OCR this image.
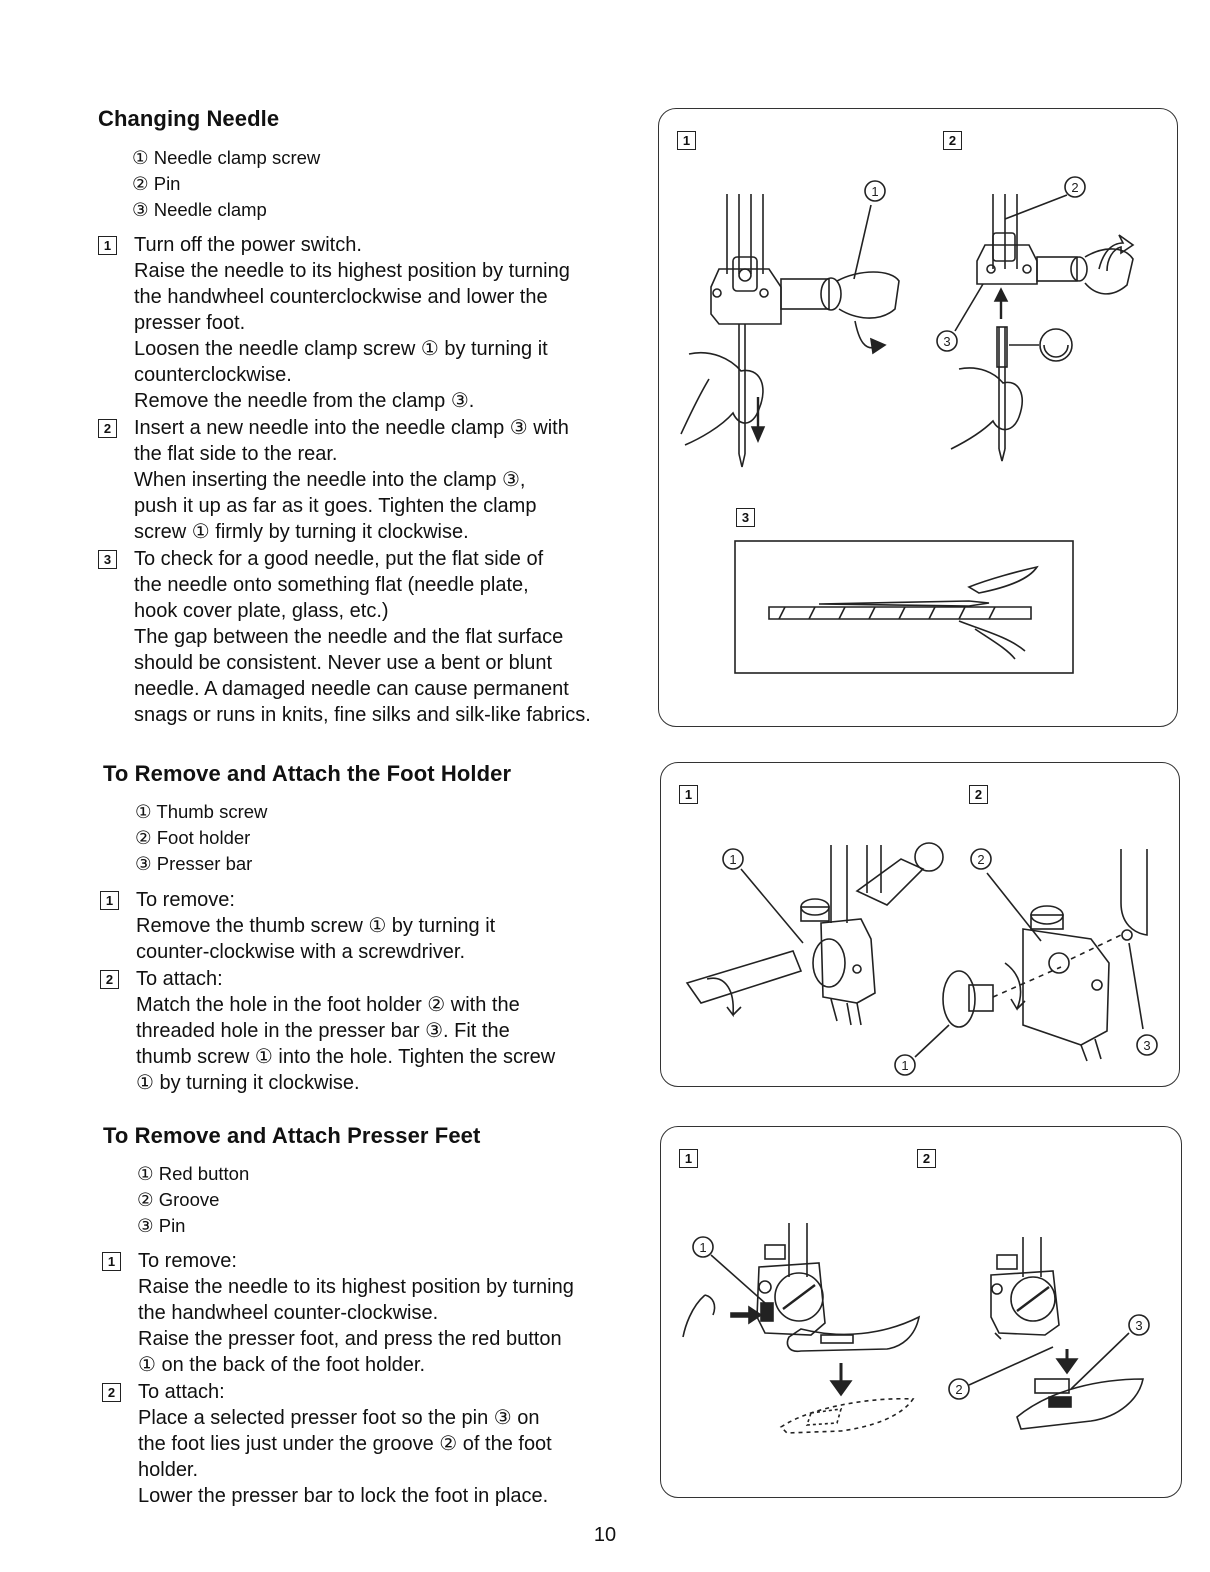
Changing Needle
① Needle clamp screw
② Pin
③ Needle clamp
1 Turn off the power switch.
Raise the needle to its highest position by turning
the handwheel counterclockwise and lower the
presser foot.
Loosen the needle clamp screw ① by turning it
counterclockwise.
Remove the needle from the clamp ③.
2 Insert a new needle into the needle clamp ③ with
the flat side to the rear.
When inserting the needle into the clamp ③,
push it up as far as it goes. Tighten the clamp
screw ① firmly by turning it clockwise.
3 To check for a good needle, put the flat side of
the needle onto something flat (needle plate,
hook cover plate, glass, etc.)
The gap between the needle and the flat surface
should be consistent. Never use a bent or blunt
needle. A damaged needle can cause permanent
snags or runs in knits, fine silks and silk-like fabrics.
To Remove and Attach the Foot Holder
① Thumb screw
② Foot holder
③ Presser bar
1 To remove:
Remove the thumb screw ① by turning it
counter-clockwise with a screwdriver.
2 To attach:
Match the hole in the foot holder ② with the
threaded hole in the presser bar ③. Fit the
thumb screw ① into the hole. Tighten the screw
① by turning it clockwise.
To Remove and Attach Presser Feet
① Red button
② Groove
③ Pin
1 To remove:
Raise the needle to its highest position by turning
the handwheel counter-clockwise.
Raise the presser foot, and press the red button
① on the back of the foot holder.
2 To attach:
Place a selected presser foot so the pin ③ on
the foot lies just under the groove ② of the foot
holder.
Lower the presser bar to lock the foot in place.
1	2
3
1	2
3
1	2
1	2
1
3
1	2
1
2
3
10
